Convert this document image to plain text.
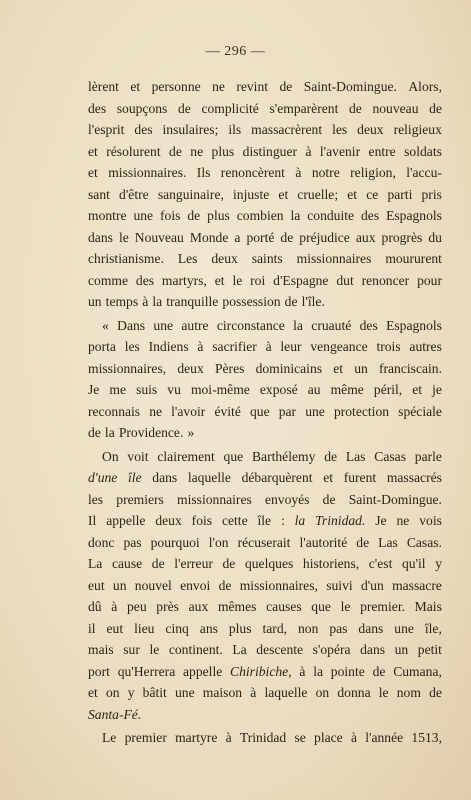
— 296 —
lèrent et personne ne revint de Saint-Domingue. Alors,
des soupçons de complicité s'emparèrent de nouveau de
l'esprit des insulaires; ils massacrèrent les deux religieux
et résolurent de ne plus distinguer à l'avenir entre soldats
et missionnaires. Ils renoncèrent à notre religion, l'accu-
sant d'être sanguinaire, injuste et cruelle; et ce parti pris
montre une fois de plus combien la conduite des Espagnols
dans le Nouveau Monde a porté de préjudice aux progrès du
christianisme. Les deux saints missionnaires moururent
comme des martyrs, et le roi d'Espagne dut renoncer pour
un temps à la tranquille possession de l'île.
« Dans une autre circonstance la cruauté des Espagnols
porta les Indiens à sacrifier à leur vengeance trois autres
missionnaires, deux Pères dominicains et un franciscain.
Je me suis vu moi-même exposé au même péril, et je
reconnais ne l'avoir évité que par une protection spéciale
de la Providence. »
On voit clairement que Barthélemy de Las Casas parle
d'une île dans laquelle débarquèrent et furent massacrés
les premiers missionnaires envoyés de Saint-Domingue.
Il appelle deux fois cette île : la Trinidad. Je ne vois
donc pas pourquoi l'on récuserait l'autorité de Las Casas.
La cause de l'erreur de quelques historiens, c'est qu'il y
eut un nouvel envoi de missionnaires, suivi d'un massacre
dû à peu près aux mêmes causes que le premier. Mais
il eut lieu cinq ans plus tard, non pas dans une île,
mais sur le continent. La descente s'opéra dans un petit
port qu'Herrera appelle Chiribiche, à la pointe de Cumana,
et on y bâtit une maison à laquelle on donna le nom de
Santa-Fé.
Le premier martyre à Trinidad se place à l'année 1513,
